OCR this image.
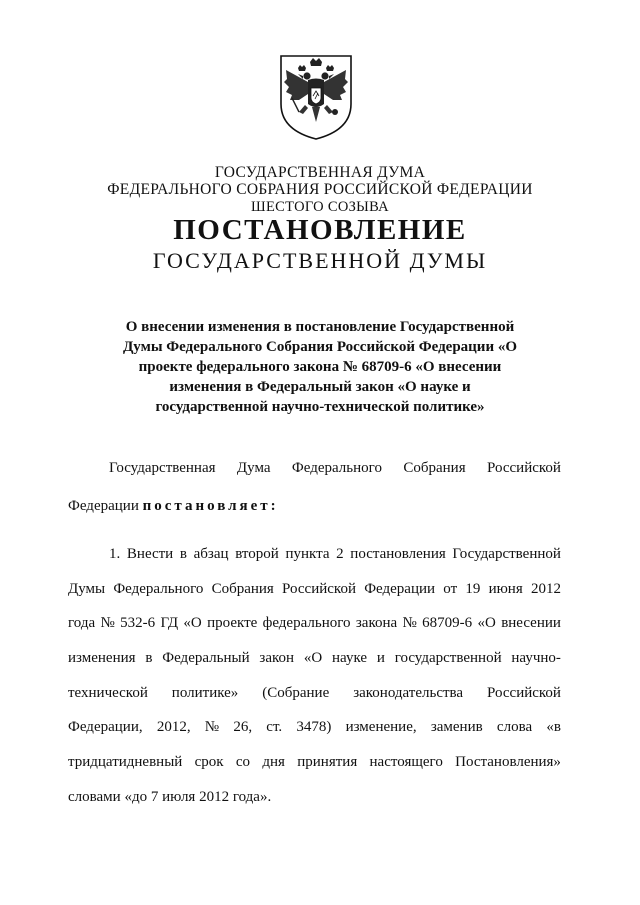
ГОСУДАРСТВЕННАЯ ДУМА
ФЕДЕРАЛЬНОГО СОБРАНИЯ РОССИЙСКОЙ ФЕДЕРАЦИИ
ШЕСТОГО СОЗЫВА
ПОСТАНОВЛЕНИЕ
ГОСУДАРСТВЕННОЙ ДУМЫ
О внесении изменения в постановление Государственной
Думы Федерального Собрания Российской Федерации «О
проекте федерального закона № 68709-6 «О внесении
изменения в Федеральный закон «О науке и
государственной научно-технической политике»
Государственная Дума Федерального Собрания Российской
Федерации постановляет:
1. Внести в абзац второй пункта 2 постановления Государственной
Думы Федерального Собрания Российской Федерации от 19 июня 2012
года № 532-6 ГД «О проекте федерального закона № 68709-6 «О внесении
изменения в Федеральный закон «О науке и государственной научно-
технической политике» (Собрание законодательства Российской
Федерации, 2012, № 26, ст. 3478) изменение, заменив слова «в
тридцатидневный срок со дня принятия настоящего Постановления»
словами «до 7 июля 2012 года».
